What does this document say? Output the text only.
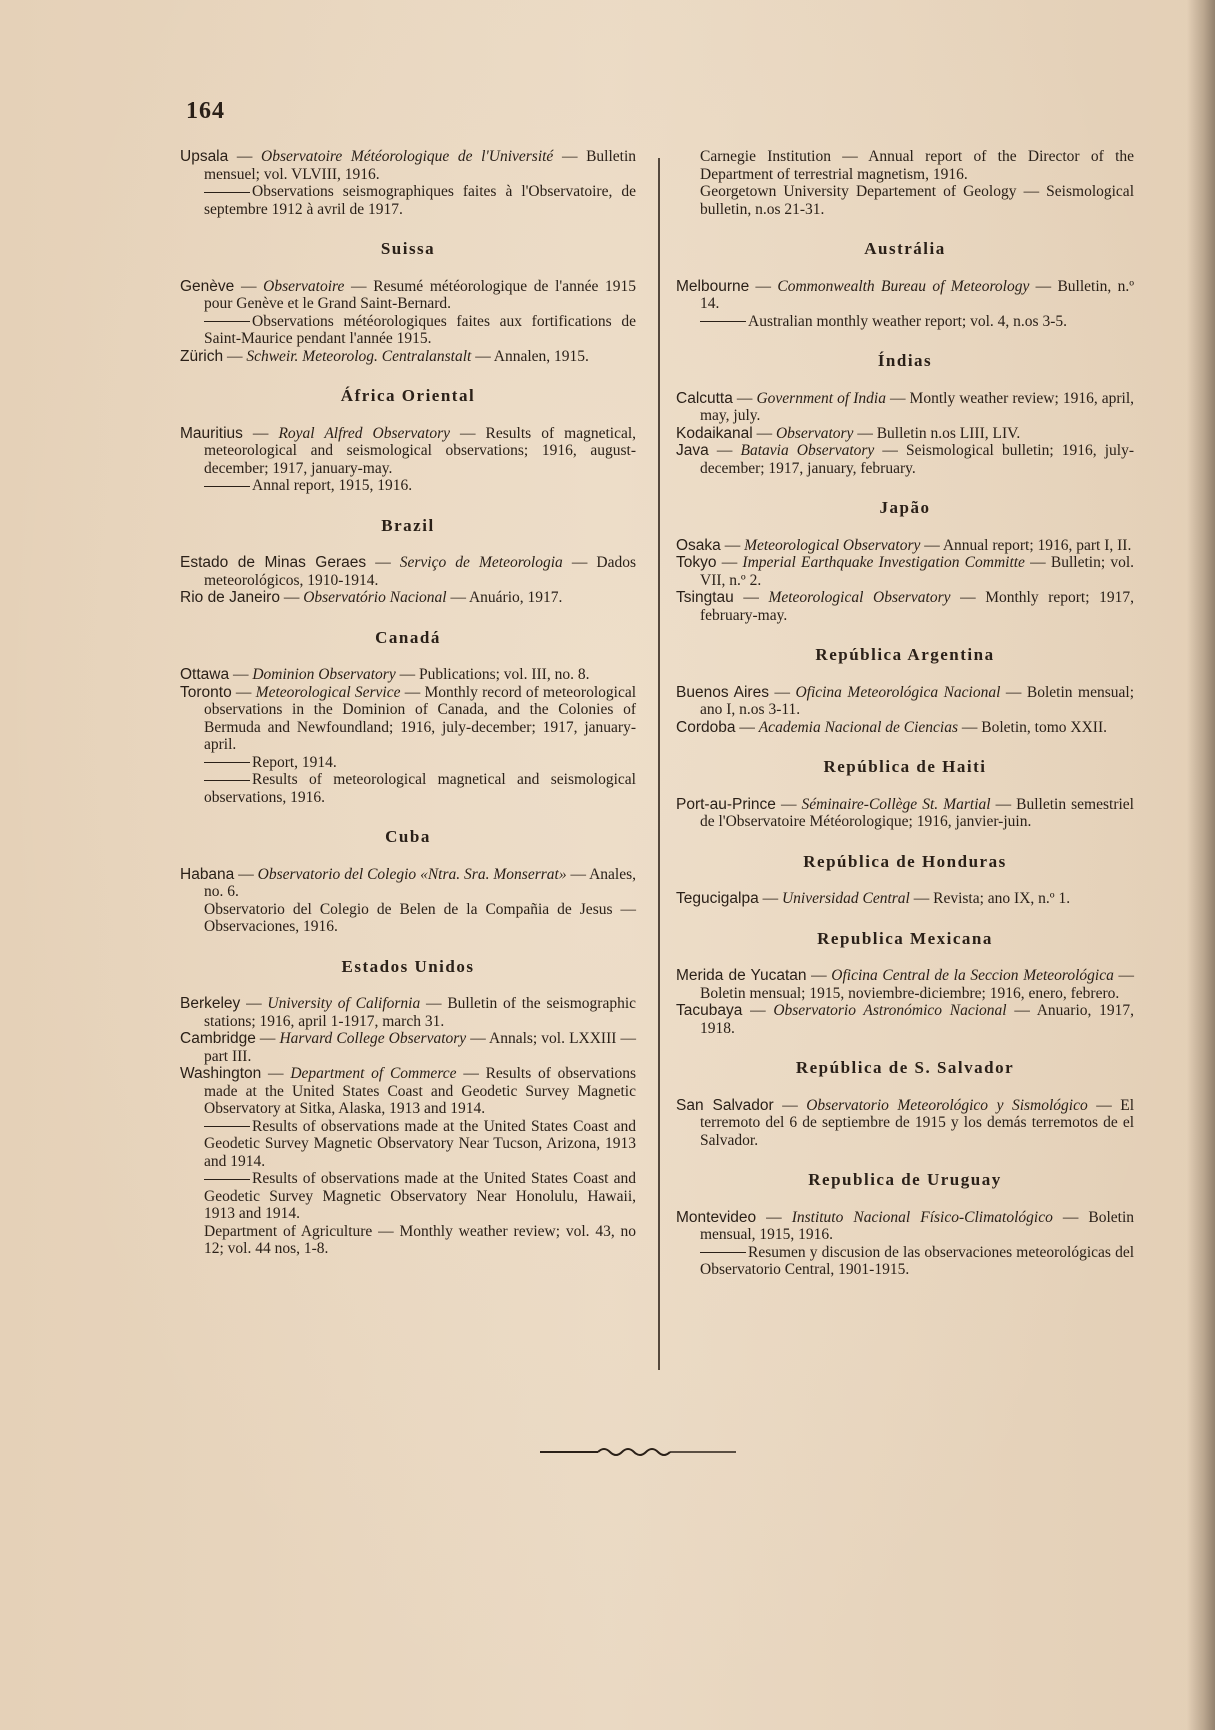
164

Upsala — Observatoire Météorologique de l'Université — Bulletin mensuel; vol. VLVIII, 1916.

Observations seismographiques faites à l'Observatoire, de septembre 1912 à avril de 1917.

Suissa

Genève — Observatoire — Resumé météorologique de l'année 1915 pour Genève et le Grand Saint-Bernard.

Observations météorologiques faites aux fortifications de Saint-Maurice pendant l'année 1915.

Zürich — Schweir. Meteorolog. Centralanstalt — Annalen, 1915.

África Oriental

Mauritius — Royal Alfred Observatory — Results of magnetical, meteorological and seismological observations; 1916, august-december; 1917, january-may.

Annal report, 1915, 1916.

Brazil

Estado de Minas Geraes — Serviço de Meteorologia — Dados meteorológicos, 1910-1914.

Rio de Janeiro — Observatório Nacional — Anuário, 1917.

Canadá

Ottawa — Dominion Observatory — Publications; vol. III, no. 8.

Toronto — Meteorological Service — Monthly record of meteorological observations in the Dominion of Canada, and the Colonies of Bermuda and Newfoundland; 1916, july-december; 1917, january-april.

Report, 1914.

Results of meteorological magnetical and seismological observations, 1916.

Cuba

Habana — Observatorio del Colegio «Ntra. Sra. Monserrat» — Anales, no. 6.

Observatorio del Colegio de Belen de la Compañia de Jesus — Observaciones, 1916.

Estados Unidos

Berkeley — University of California — Bulletin of the seismographic stations; 1916, april 1-1917, march 31.

Cambridge — Harvard College Observatory — Annals; vol. LXXIII — part III.

Washington — Department of Commerce — Results of observations made at the United States Coast and Geodetic Survey Magnetic Observatory at Sitka, Alaska, 1913 and 1914.

Results of observations made at the United States Coast and Geodetic Survey Magnetic Observatory Near Tucson, Arizona, 1913 and 1914.

Results of observations made at the United States Coast and Geodetic Survey Magnetic Observatory Near Honolulu, Hawaii, 1913 and 1914.

Department of Agriculture — Monthly weather review; vol. 43, no 12; vol. 44 nos, 1-8.

Carnegie Institution — Annual report of the Director of the Department of terrestrial magnetism, 1916.

Georgetown University Departement of Geology — Seismological bulletin, n.os 21-31.

Austrália

Melbourne — Commonwealth Bureau of Meteorology — Bulletin, n.º 14.

Australian monthly weather report; vol. 4, n.os 3-5.

Índias

Calcutta — Government of India — Montly weather review; 1916, april, may, july.

Kodaikanal — Observatory — Bulletin n.os LIII, LIV.

Java — Batavia Observatory — Seismological bulletin; 1916, july-december; 1917, january, february.

Japão

Osaka — Meteorological Observatory — Annual report; 1916, part I, II.

Tokyo — Imperial Earthquake Investigation Committe — Bulletin; vol. VII, n.º 2.

Tsingtau — Meteorological Observatory — Monthly report; 1917, february-may.

República Argentina

Buenos Aires — Oficina Meteorológica Nacional — Boletin mensual; ano I, n.os 3-11.

Cordoba — Academia Nacional de Ciencias — Boletin, tomo XXII.

República de Haiti

Port-au-Prince — Séminaire-Collège St. Martial — Bulletin semestriel de l'Observatoire Météorologique; 1916, janvier-juin.

República de Honduras

Tegucigalpa — Universidad Central — Revista; ano IX, n.º 1.

Republica Mexicana

Merida de Yucatan — Oficina Central de la Seccion Meteorológica — Boletin mensual; 1915, noviembre-diciembre; 1916, enero, febrero.

Tacubaya — Observatorio Astronómico Nacional — Anuario, 1917, 1918.

República de S. Salvador

San Salvador — Observatorio Meteorológico y Sismológico — El terremoto del 6 de septiembre de 1915 y los demás terremotos de el Salvador.

Republica de Uruguay

Montevideo — Instituto Nacional Físico-Climatológico — Boletin mensual, 1915, 1916.

Resumen y discusion de las observaciones meteorológicas del Observatorio Central, 1901-1915.
